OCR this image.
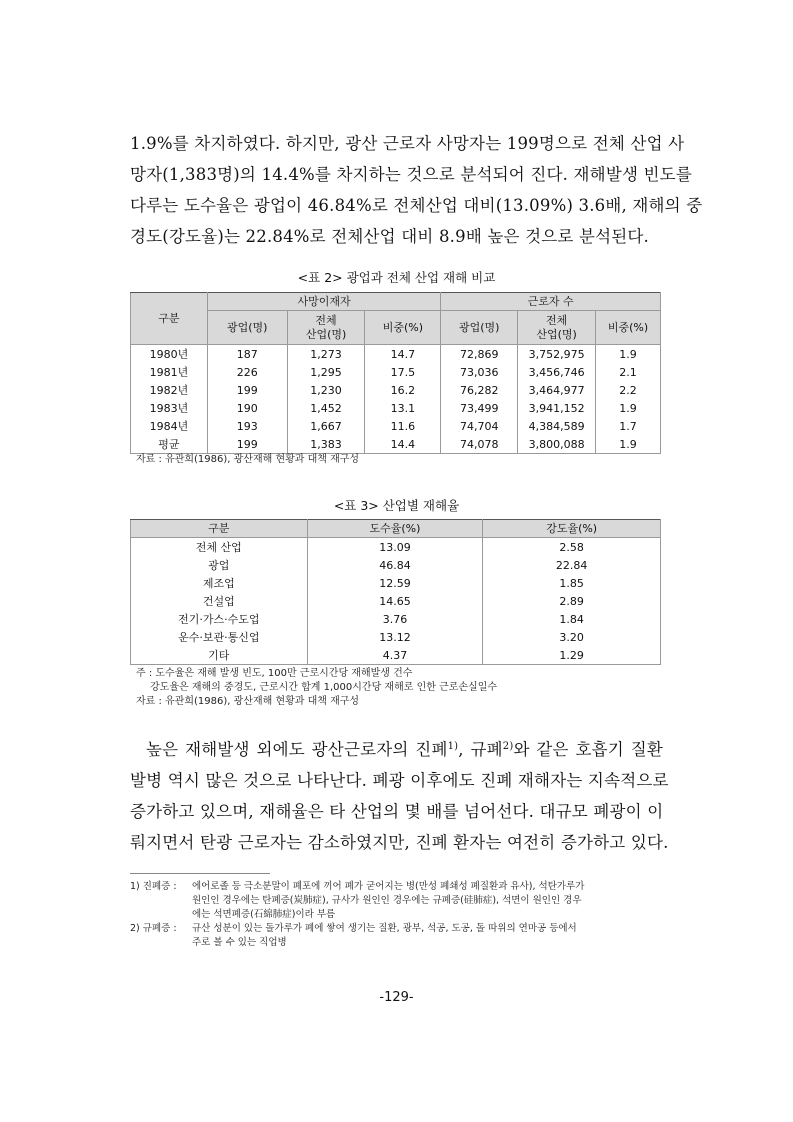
1.9%를 차지하였다. 하지만, 광산 근로자 사망자는 199명으로 전체 산업 사
망자(1,383명)의 14.4%를 차지하는 것으로 분석되어 진다. 재해발생 빈도를
다루는 도수율은 광업이 46.84%로 전체산업 대비(13.09%) 3.6배, 재해의 중
경도(강도율)는 22.84%로 전체산업 대비 8.9배 높은 것으로 분석된다.
<표 2> 광업과 전체 산업 재해 비교
구분	사망이재자			근로자 수		
	광업(명)	전체
산업(명)	비중(%)	광업(명)	전체
산업(명)	비중(%)
1980년	187	1,273	14.7	72,869	3,752,975	1.9
1981년	226	1,295	17.5	73,036	3,456,746	2.1
1982년	199	1,230	16.2	76,282	3,464,977	2.2
1983년	190	1,452	13.1	73,499	3,941,152	1.9
1984년	193	1,667	11.6	74,704	4,384,589	1.7
평균	199	1,383	14.4	74,078	3,800,088	1.9
자료 : 유관희(1986), 광산재해 현황과 대책 재구성
<표 3> 산업별 재해율
구분	도수율(%)	강도율(%)
전체 산업	13.09	2.58
광업	46.84	22.84
제조업	12.59	1.85
건설업	14.65	2.89
전기·가스·수도업	3.76	1.84
운수·보관·통신업	13.12	3.20
기타	4.37	1.29
주 : 도수율은 재해 발생 빈도, 100만 근로시간당 재해발생 건수
강도율은 재해의 중경도, 근로시간 합계 1,000시간당 재해로 인한 근로손실일수
자료 : 유관희(1986), 광산재해 현황과 대책 재구성
높은 재해발생 외에도 광산근로자의 진폐$^{1)}$, 규폐$^{2)}$와 같은 호흡기 질환
발병 역시 많은 것으로 나타난다. 폐광 이후에도 진폐 재해자는 지속적으로
증가하고 있으며, 재해율은 타 산업의 몇 배를 넘어선다. 대규모 폐광이 이
뤄지면서 탄광 근로자는 감소하였지만, 진폐 환자는 여전히 증가하고 있다.
1) 진폐증 : 에어로졸 등 극소분말이 폐포에 끼어 폐가 굳어지는 병(만성 폐쇄성 폐질환과 유사), 석탄가루가
원인인 경우에는 탄폐증(炭肺症), 규사가 원인인 경우에는 규폐증(硅肺症), 석면이 원인인 경우
에는 석면폐증(石綿肺症)이라 부름
2) 규폐증 : 규산 성분이 있는 돌가루가 폐에 쌓여 생기는 질환, 광부, 석공, 도공, 돌 따위의 연마공 등에서
주로 볼 수 있는 직업병
-129-
